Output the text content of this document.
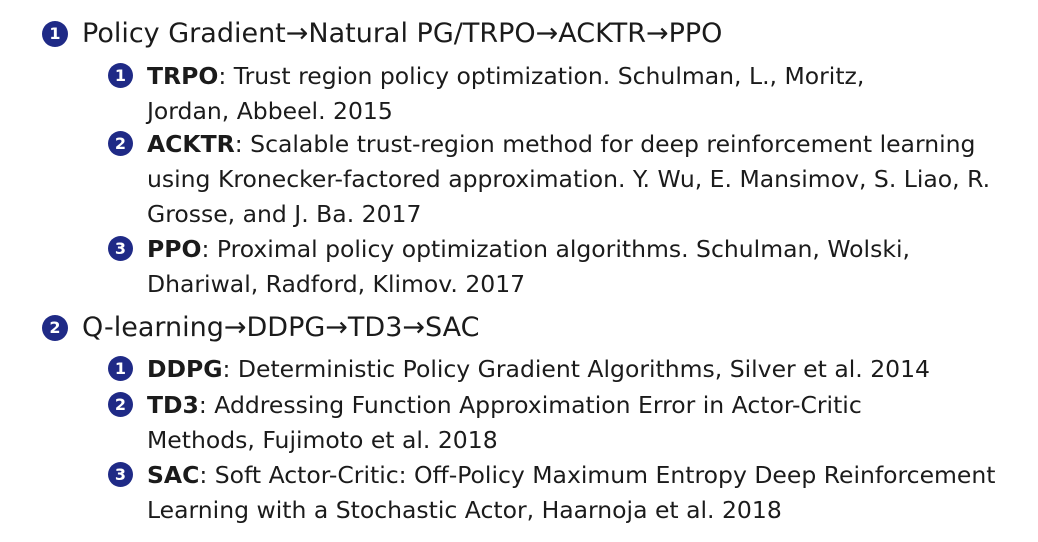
1 Policy Gradient→Natural PG/TRPO→ACKTR→PPO
1 TRPO: Trust region policy optimization. Schulman, L., Moritz, Jordan, Abbeel. 2015
2 ACKTR: Scalable trust-region method for deep reinforcement learning using Kronecker-factored approximation. Y. Wu, E. Mansimov, S. Liao, R. Grosse, and J. Ba. 2017
3 PPO: Proximal policy optimization algorithms. Schulman, Wolski, Dhariwal, Radford, Klimov. 2017
2 Q-learning→DDPG→TD3→SAC
1 DDPG: Deterministic Policy Gradient Algorithms, Silver et al. 2014
2 TD3: Addressing Function Approximation Error in Actor-Critic Methods, Fujimoto et al. 2018
3 SAC: Soft Actor-Critic: Off-Policy Maximum Entropy Deep Reinforcement Learning with a Stochastic Actor, Haarnoja et al. 2018
